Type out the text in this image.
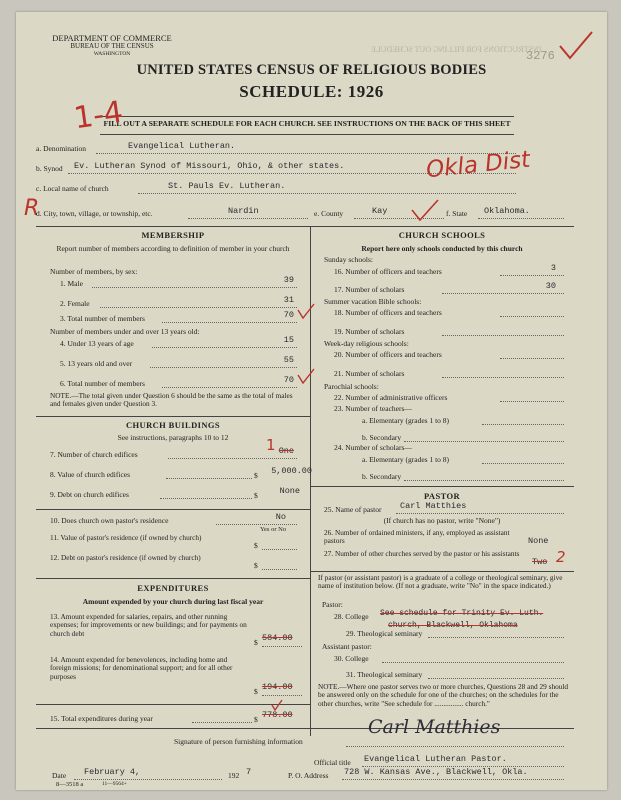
INSTRUCTIONS FOR FILLING OUT SCHEDULE
3276
DEPARTMENT OF COMMERCE
BUREAU OF THE CENSUS
WASHINGTON
UNITED STATES CENSUS OF RELIGIOUS BODIES
SCHEDULE: 1926
FILL OUT A SEPARATE SCHEDULE FOR EACH CHURCH. SEE INSTRUCTIONS ON THE BACK OF THIS SHEET
1-4
a. Denomination	Evangelical Lutheran.
b. Synod Ev. Lutheran Synod of Missouri, Ohio, & other states.	Okla Dist
c. Local name of church	St. Pauls Ev. Lutheran.
R
d. City, town, village, or township, etc.	Nardin	e. County	Kay	f. State Oklahoma.
MEMBERSHIP
Report number of members according to definition of member in your church
Number of members, by sex:
1. Male	39
2. Female	31
3. Total number of members	70
Number of members under and over 13 years old:
4. Under 13 years of age	15
5. 13 years old and over	55
6. Total number of members	70
NOTE.—The total given under Question 6 should be the same as the total of males and females given under Question 3.
CHURCH BUILDINGS
See instructions, paragraphs 10 to 12
7. Number of church edifices	One
1
8. Value of church edifices	$	5,000.00
9. Debt on church edifices	$	None
10. Does church own pastor's residence	No
Yes or No
11. Value of pastor's residence (if owned by church)
$
12. Debt on pastor's residence (if owned by church)
$
EXPENDITURES
Amount expended by your church during last fiscal year
13. Amount expended for salaries, repairs, and other running expenses; for improvements or new buildings; and for payments on church debt
$ 584.00
14. Amount expended for benevolences, including home and foreign missions; for denominational support; and for all other purposes
$ 194.00
15. Total expenditures during year	$ 778.00
CHURCH SCHOOLS
Report here only schools conducted by this church
Sunday schools:
16. Number of officers and teachers	3
17. Number of scholars	30
Summer vacation Bible schools:
18. Number of officers and teachers
19. Number of scholars
Week-day religious schools:
20. Number of officers and teachers
21. Number of scholars
Parochial schools:
22. Number of administrative officers
23. Number of teachers—
a. Elementary (grades 1 to 8)
b. Secondary
24. Number of scholars—
a. Elementary (grades 1 to 8)
b. Secondary
PASTOR
25. Name of pastor Carl Matthies
(If church has no pastor, write "None")
26. Number of ordained ministers, if any, employed as assistant pastors	None
27. Number of other churches served by the pastor or his assistants
Two 2
If pastor (or assistant pastor) is a graduate of a college or theological seminary, give name of institution below. (If not a graduate, write "No" in the space indicated.)
Pastor:
28. College See schedule for Trinity Ev. Luth.
church, Blackwell, Oklahoma
29. Theological seminary
Assistant pastor:
30. College
31. Theological seminary
NOTE.—Where one pastor serves two or more churches, Questions 28 and 29 should be answered only on the schedule for one of the churches; on the schedules for the other churches, write "See schedule for ................ church."
Signature of person furnishing information
Carl Matthies
Official title Evangelical Lutheran Pastor.
Date February 4,	192 7	P. O. Address 728 W. Kansas Ave., Blackwell, Okla.
8—3518 a	11—9564+
